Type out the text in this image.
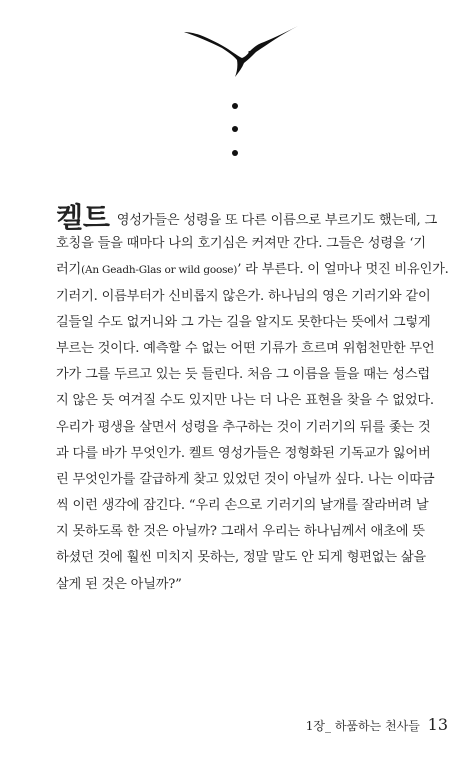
켈트 영성가들은 성령을 또 다른 이름으로 부르기도 했는데, 그
호칭을 들을 때마다 나의 호기심은 커져만 간다. 그들은 성령을 ‘기
러기(An Geadh-Glas or wild goose)’ 라 부른다. 이 얼마나 멋진 비유인가.
기러기. 이름부터가 신비롭지 않은가. 하나님의 영은 기러기와 같이
길들일 수도 없거니와 그 가는 길을 알지도 못한다는 뜻에서 그렇게
부르는 것이다. 예측할 수 없는 어떤 기류가 흐르며 위험천만한 무언
가가 그를 두르고 있는 듯 들린다. 처음 그 이름을 들을 때는 성스럽
지 않은 듯 여겨질 수도 있지만 나는 더 나은 표현을 찾을 수 없었다.
우리가 평생을 살면서 성령을 추구하는 것이 기러기의 뒤를 좇는 것
과 다를 바가 무엇인가. 켈트 영성가들은 정형화된 기독교가 잃어버
린 무엇인가를 갈급하게 찾고 있었던 것이 아닐까 싶다. 나는 이따금
씩 이런 생각에 잠긴다. “우리 손으로 기러기의 날개를 잘라버려 날
지 못하도록 한 것은 아닐까? 그래서 우리는 하나님께서 애초에 뜻
하셨던 것에 훨씬 미치지 못하는, 정말 말도 안 되게 형편없는 삶을
살게 된 것은 아닐까?”
1장_ 하품하는 천사들 13
